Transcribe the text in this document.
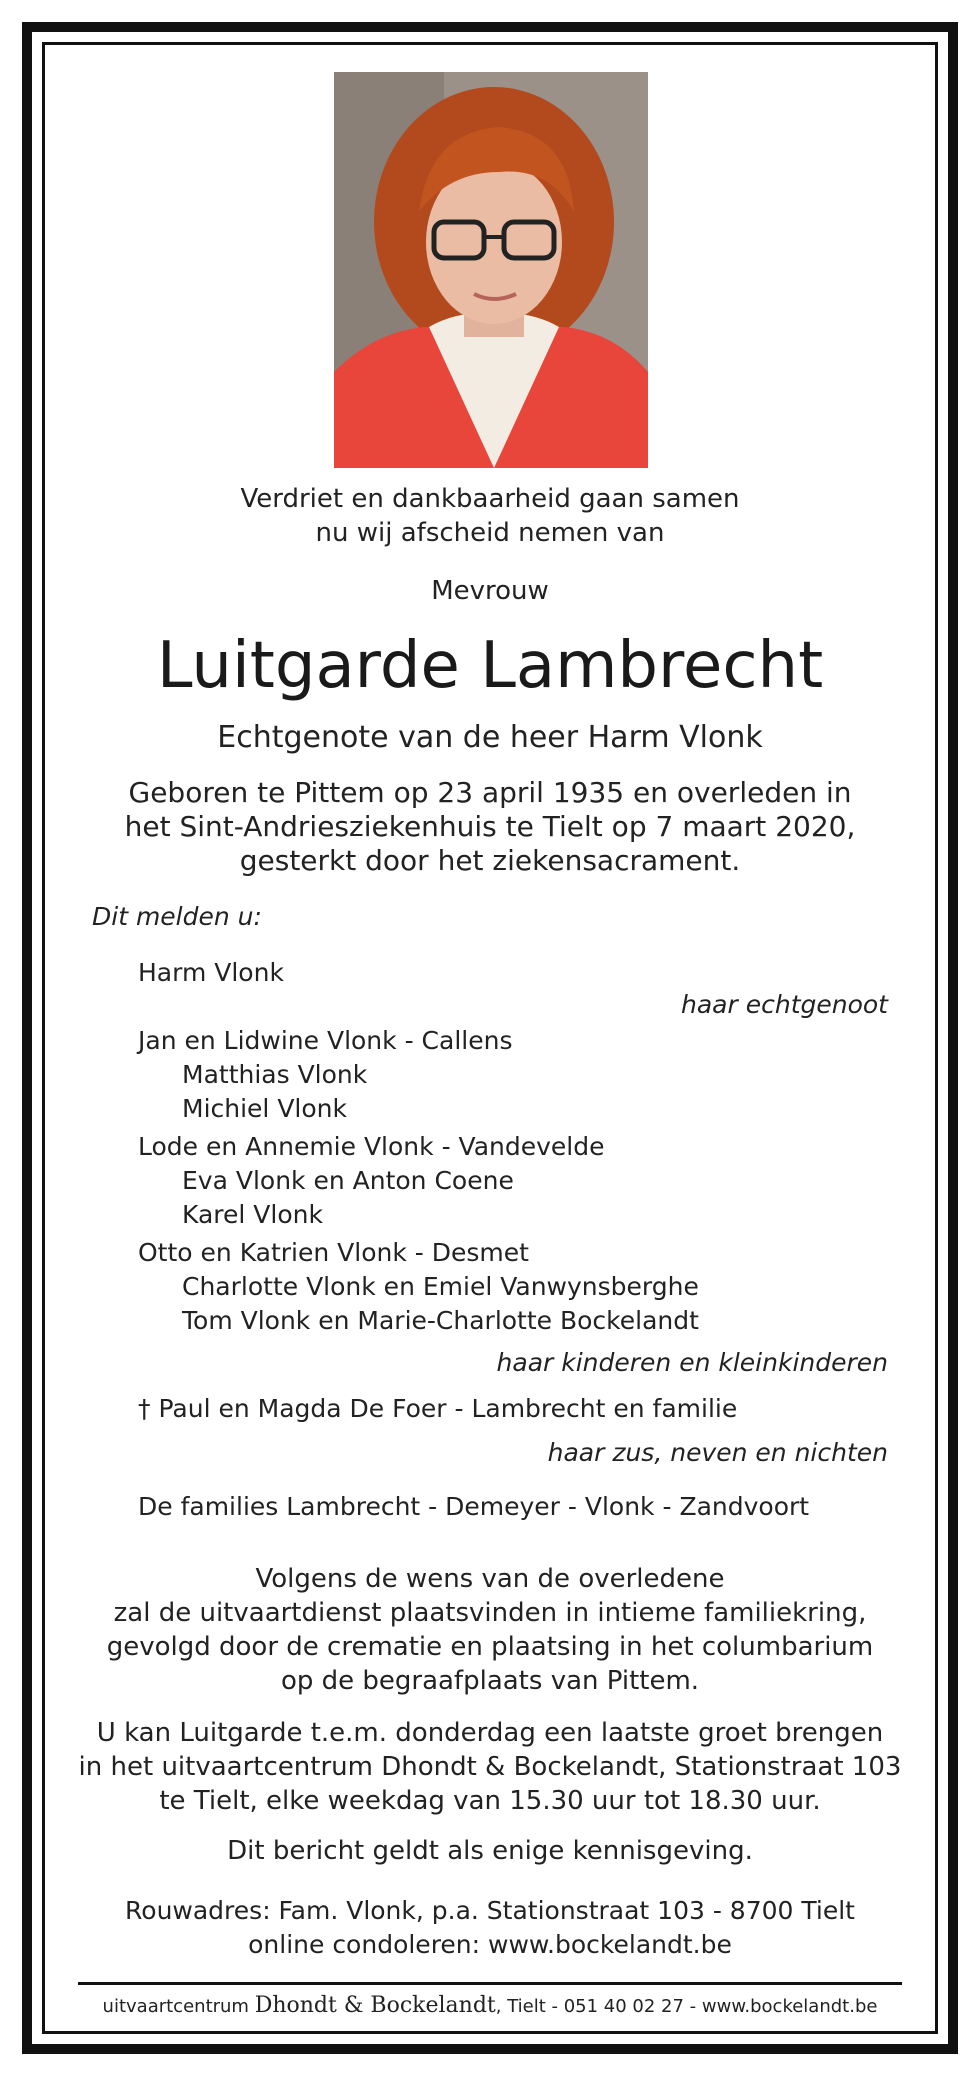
Verdriet en dankbaarheid gaan samen
nu wij afscheid nemen van
Mevrouw
Luitgarde Lambrecht
Echtgenote van de heer Harm Vlonk
Geboren te Pittem op 23 april 1935 en overleden in
het Sint-Andriesziekenhuis te Tielt op 7 maart 2020,
gesterkt door het ziekensacrament.
Dit melden u:
Harm Vlonk
haar echtgenoot
Jan en Lidwine Vlonk - Callens
Matthias Vlonk
Michiel Vlonk
Lode en Annemie Vlonk - Vandevelde
Eva Vlonk en Anton Coene
Karel Vlonk
Otto en Katrien Vlonk - Desmet
Charlotte Vlonk en Emiel Vanwynsberghe
Tom Vlonk en Marie-Charlotte Bockelandt
haar kinderen en kleinkinderen
† Paul en Magda De Foer - Lambrecht en familie
haar zus, neven en nichten
De families Lambrecht - Demeyer - Vlonk - Zandvoort
Volgens de wens van de overledene
zal de uitvaartdienst plaatsvinden in intieme familiekring,
gevolgd door de crematie en plaatsing in het columbarium
op de begraafplaats van Pittem.
U kan Luitgarde t.e.m. donderdag een laatste groet brengen
in het uitvaartcentrum Dhondt & Bockelandt, Stationstraat 103
te Tielt, elke weekdag van 15.30 uur tot 18.30 uur.
Dit bericht geldt als enige kennisgeving.
Rouwadres: Fam. Vlonk, p.a. Stationstraat 103 - 8700 Tielt
online condoleren: www.bockelandt.be
uitvaartcentrum Dhondt & Bockelandt, Tielt - 051 40 02 27 - www.bockelandt.be
